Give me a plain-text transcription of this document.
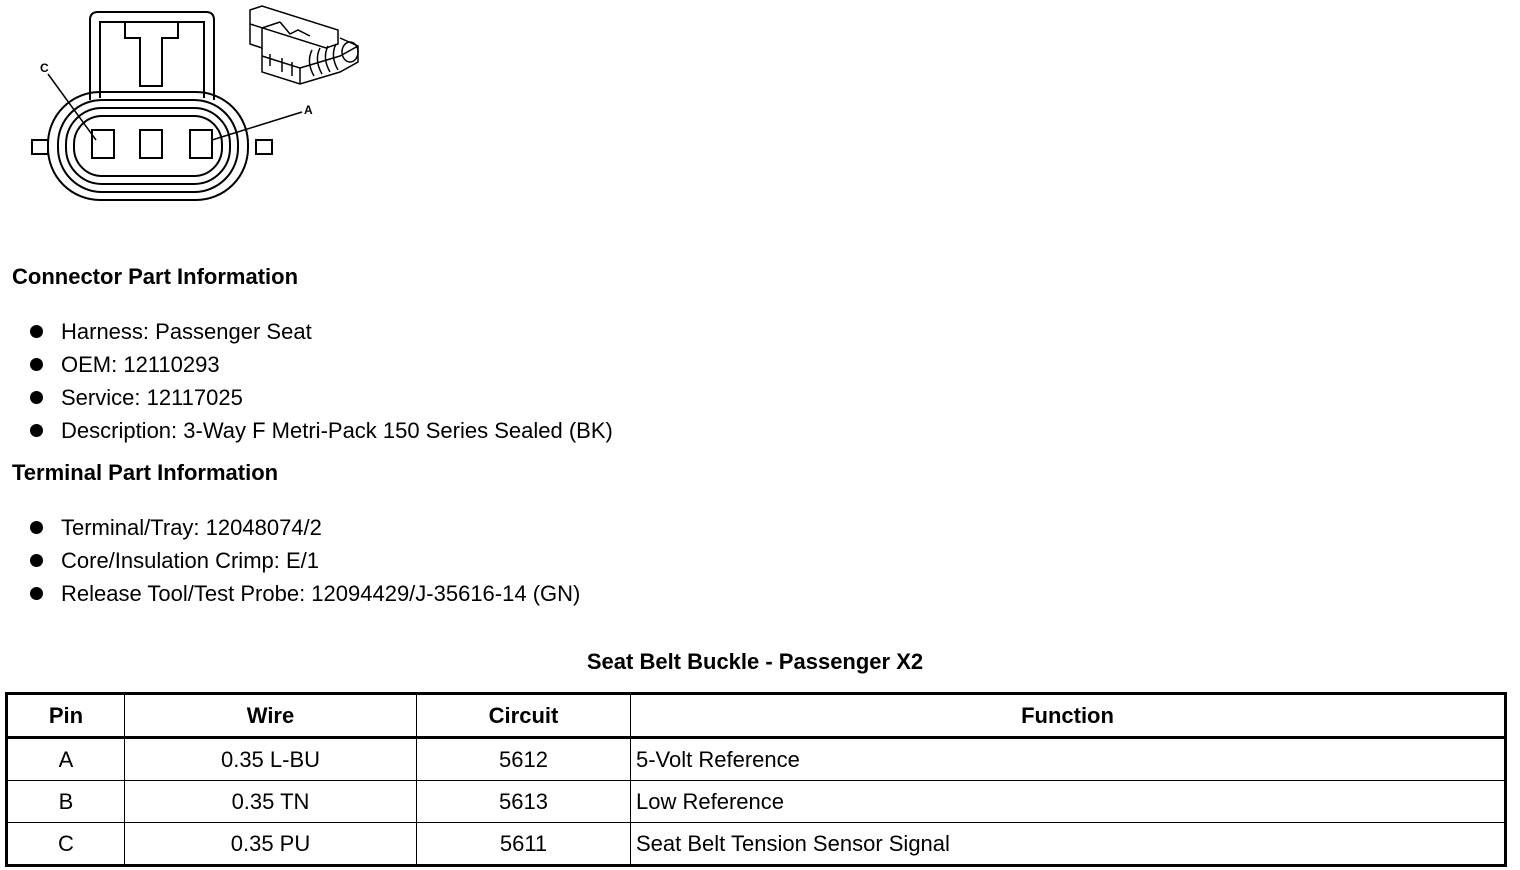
C
A
Connector Part Information
Harness: Passenger Seat
OEM: 12110293
Service: 12117025
Description: 3-Way F Metri-Pack 150 Series Sealed (BK)
Terminal Part Information
Terminal/Tray: 12048074/2
Core/Insulation Crimp: E/1
Release Tool/Test Probe: 12094429/J-35616-14 (GN)
Seat Belt Buckle - Passenger X2
Pin	Wire	Circuit	Function
A	0.35 L-BU	5612	5-Volt Reference
B	0.35 TN	5613	Low Reference
C	0.35 PU	5611	Seat Belt Tension Sensor Signal
